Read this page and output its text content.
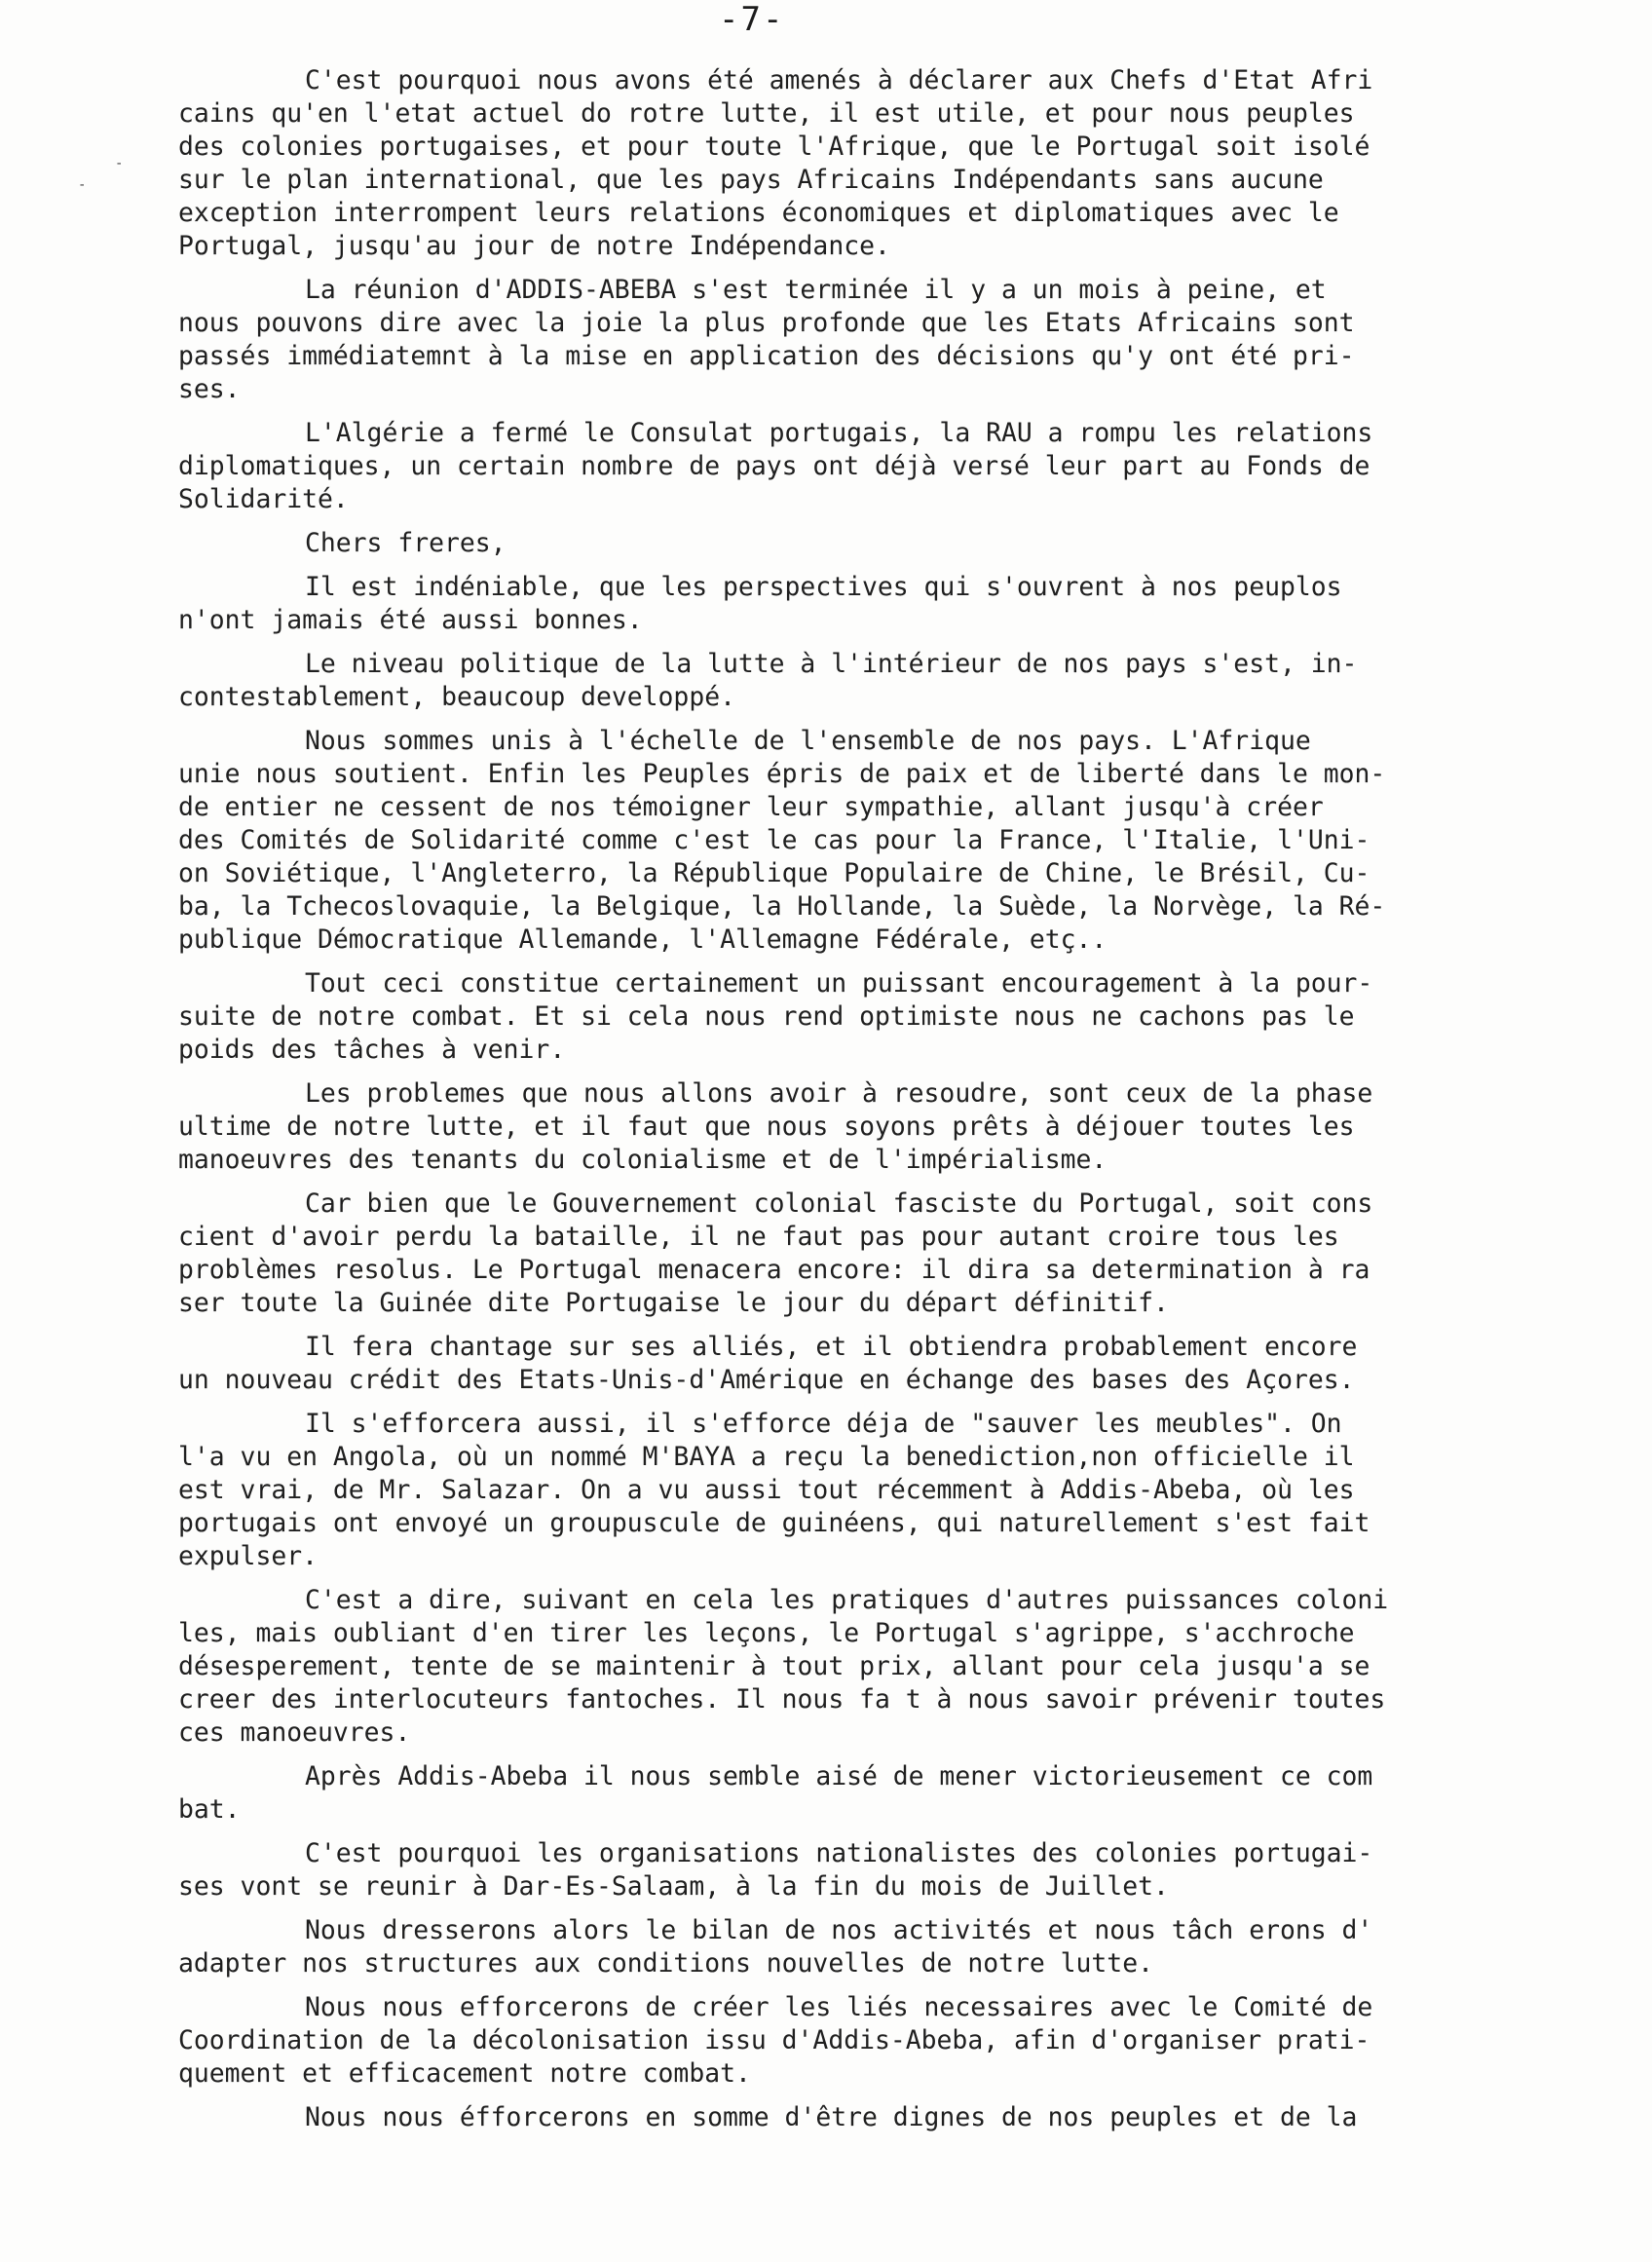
-7-
-
-
C'est pourquoi nous avons été amenés à déclarer aux Chefs d'Etat Afri
cains qu'en l'etat actuel do rotre lutte, il est utile, et pour nous peuples
des colonies portugaises, et pour toute l'Afrique, que le Portugal soit isolé
sur le plan international, que les pays Africains Indépendants sans aucune
exception interrompent leurs relations économiques et diplomatiques avec le
Portugal, jusqu'au jour de notre Indépendance.
La réunion d'ADDIS-ABEBA s'est terminée il y a un mois à peine, et
nous pouvons dire avec la joie la plus profonde que les Etats Africains sont
passés immédiatemnt à la mise en application des décisions qu'y ont été pri-
ses.
L'Algérie a fermé le Consulat portugais, la RAU a rompu les relations
diplomatiques, un certain nombre de pays ont déjà versé leur part au Fonds de
Solidarité.
Chers freres,
Il est indéniable, que les perspectives qui s'ouvrent à nos peuplos
n'ont jamais été aussi bonnes.
Le niveau politique de la lutte à l'intérieur de nos pays s'est, in-
contestablement, beaucoup developpé.
Nous sommes unis à l'échelle de l'ensemble de nos pays. L'Afrique
unie nous soutient. Enfin les Peuples épris de paix et de liberté dans le mon-
de entier ne cessent de nos témoigner leur sympathie, allant jusqu'à créer
des Comités de Solidarité comme c'est le cas pour la France, l'Italie, l'Uni-
on Soviétique, l'Angleterro, la République Populaire de Chine, le Brésil, Cu-
ba, la Tchecoslovaquie, la Belgique, la Hollande, la Suède, la Norvège, la Ré-
publique Démocratique Allemande, l'Allemagne Fédérale, etç..
Tout ceci constitue certainement un puissant encouragement à la pour-
suite de notre combat. Et si cela nous rend optimiste nous ne cachons pas le
poids des tâches à venir.
Les problemes que nous allons avoir à resoudre, sont ceux de la phase
ultime de notre lutte, et il faut que nous soyons prêts à déjouer toutes les
manoeuvres des tenants du colonialisme et de l'impérialisme.
Car bien que le Gouvernement colonial fasciste du Portugal, soit cons
cient d'avoir perdu la bataille, il ne faut pas pour autant croire tous les
problèmes resolus. Le Portugal menacera encore: il dira sa determination à ra
ser toute la Guinée dite Portugaise le jour du départ définitif.
Il fera chantage sur ses alliés, et il obtiendra probablement encore
un nouveau crédit des Etats-Unis-d'Amérique en échange des bases des Açores.
Il s'efforcera aussi, il s'efforce déja de "sauver les meubles". On
l'a vu en Angola, où un nommé M'BAYA a reçu la benediction,non officielle il
est vrai, de Mr. Salazar. On a vu aussi tout récemment à Addis-Abeba, où les
portugais ont envoyé un groupuscule de guinéens, qui naturellement s'est fait
expulser.
C'est a dire, suivant en cela les pratiques d'autres puissances coloni
les, mais oubliant d'en tirer les leçons, le Portugal s'agrippe, s'acchroche
désesperement, tente de se maintenir à tout prix, allant pour cela jusqu'a se
creer des interlocuteurs fantoches. Il nous fa t à nous savoir prévenir toutes
ces manoeuvres.
Après Addis-Abeba il nous semble aisé de mener victorieusement ce com
bat.
C'est pourquoi les organisations nationalistes des colonies portugai-
ses vont se reunir à Dar-Es-Salaam, à la fin du mois de Juillet.
Nous dresserons alors le bilan de nos activités et nous tâch erons d'
adapter nos structures aux conditions nouvelles de notre lutte.
Nous nous efforcerons de créer les liés necessaires avec le Comité de
Coordination de la décolonisation issu d'Addis-Abeba, afin d'organiser prati-
quement et efficacement notre combat.
Nous nous éfforcerons en somme d'être dignes de nos peuples et de la
